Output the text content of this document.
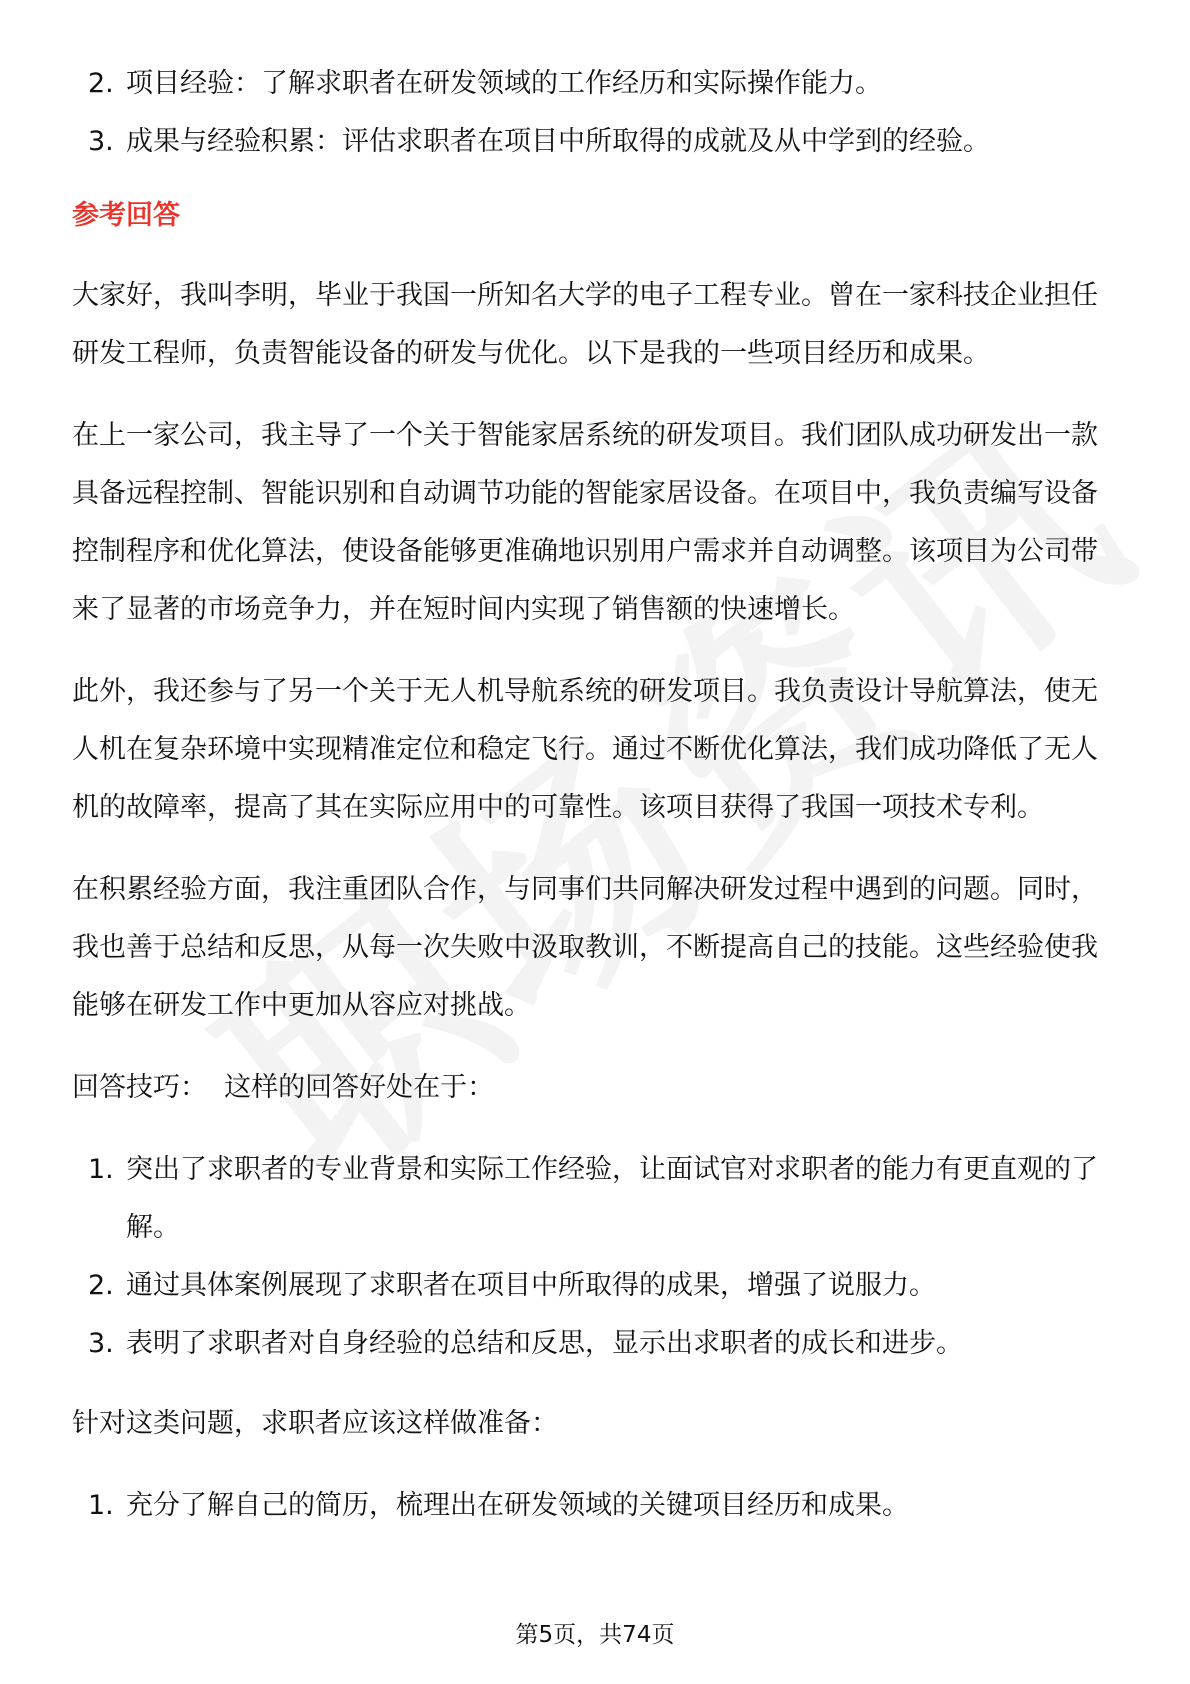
2. 项目经验：了解求职者在研发领域的工作经历和实际操作能力。
3. 成果与经验积累：评估求职者在项目中所取得的成就及从中学到的经验。
参考回答

大家好，我叫李明，毕业于我国一所知名大学的电子工程专业。曾在一家科技企业担任研发工程师，负责智能设备的研发与优化。以下是我的一些项目经历和成果。

在上一家公司，我主导了一个关于智能家居系统的研发项目。我们团队成功研发出一款具备远程控制、智能识别和自动调节功能的智能家居设备。在项目中，我负责编写设备控制程序和优化算法，使设备能够更准确地识别用户需求并自动调整。该项目为公司带来了显著的市场竞争力，并在短时间内实现了销售额的快速增长。

此外，我还参与了另一个关于无人机导航系统的研发项目。我负责设计导航算法，使无人机在复杂环境中实现精准定位和稳定飞行。通过不断优化算法，我们成功降低了无人机的故障率，提高了其在实际应用中的可靠性。该项目获得了我国一项技术专利。

在积累经验方面，我注重团队合作，与同事们共同解决研发过程中遇到的问题。同时，我也善于总结和反思，从每一次失败中汲取教训，不断提高自己的技能。这些经验使我能够在研发工作中更加从容应对挑战。

回答技巧：  这样的回答好处在于：

1. 突出了求职者的专业背景和实际工作经验，让面试官对求职者的能力有更直观的了解。
2. 通过具体案例展现了求职者在项目中所取得的成果，增强了说服力。
3. 表明了求职者对自身经验的总结和反思，显示出求职者的成长和进步。

针对这类问题，求职者应该这样做准备：

1. 充分了解自己的简历，梳理出在研发领域的关键项目经历和成果。
第5页，共74页
